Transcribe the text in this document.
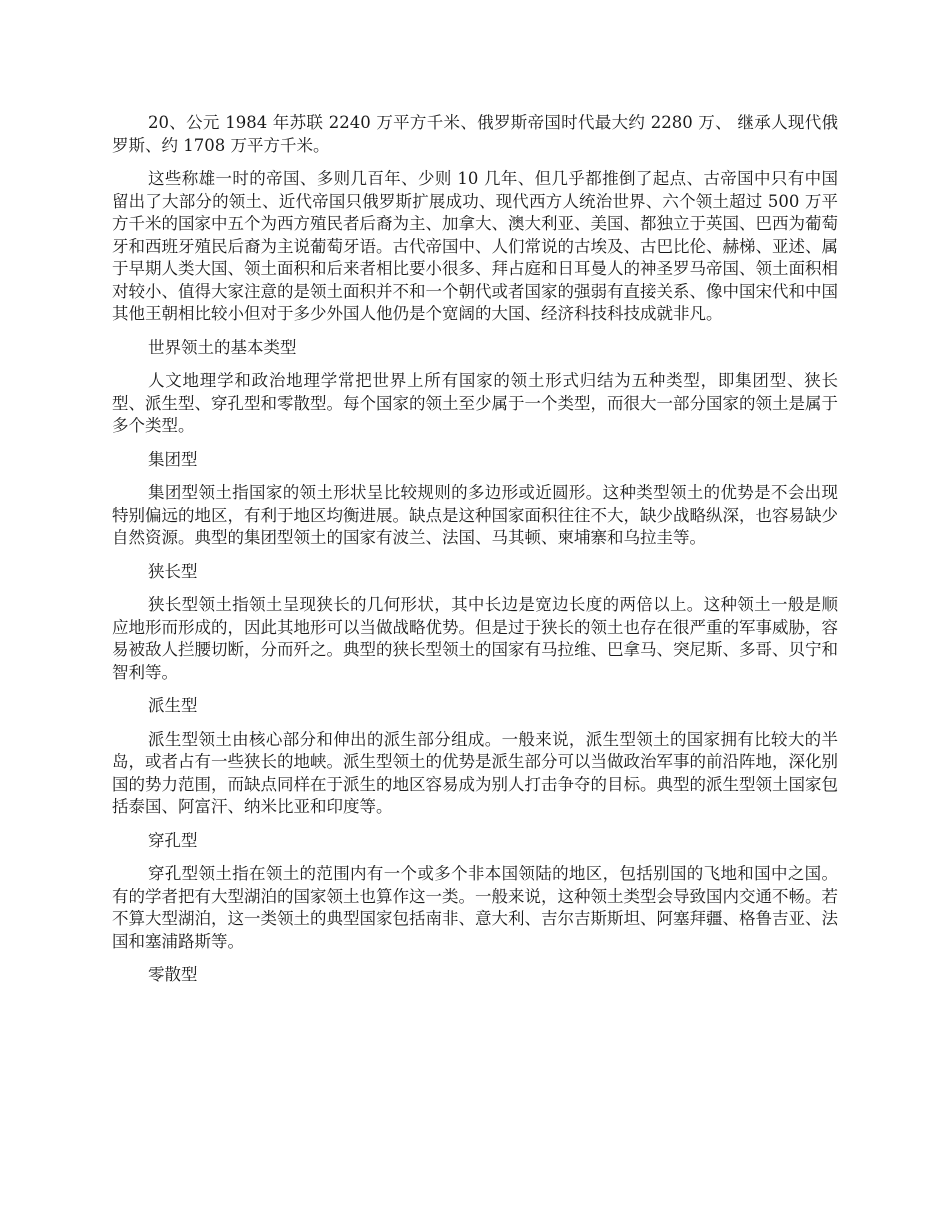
20、公元 1984 年苏联 2240 万平方千米、俄罗斯帝国时代最大约 2280 万、 继承人现代俄罗斯、约 1708 万平方千米。

这些称雄一时的帝国、多则几百年、少则 10 几年、但几乎都推倒了起点、古帝国中只有中国留出了大部分的领土、近代帝国只俄罗斯扩展成功、现代西方人统治世界、六个领土超过 500 万平方千米的国家中五个为西方殖民者后裔为主、加拿大、澳大利亚、美国、都独立于英国、巴西为葡萄牙和西班牙殖民后裔为主说葡萄牙语。古代帝国中、人们常说的古埃及、古巴比伦、赫梯、亚述、属于早期人类大国、领土面积和后来者相比要小很多、拜占庭和日耳曼人的神圣罗马帝国、领土面积相对较小、值得大家注意的是领土面积并不和一个朝代或者国家的强弱有直接关系、像中国宋代和中国其他王朝相比较小但对于多少外国人他仍是个宽阔的大国、经济科技科技成就非凡。

世界领土的基本类型

人文地理学和政治地理学常把世界上所有国家的领土形式归结为五种类型，即集团型、狭长型、派生型、穿孔型和零散型。每个国家的领土至少属于一个类型，而很大一部分国家的领土是属于多个类型。

集团型

集团型领土指国家的领土形状呈比较规则的多边形或近圆形。这种类型领土的优势是不会出现特别偏远的地区，有利于地区均衡进展。缺点是这种国家面积往往不大，缺少战略纵深，也容易缺少自然资源。典型的集团型领土的国家有波兰、法国、马其顿、柬埔寨和乌拉圭等。

狭长型

狭长型领土指领土呈现狭长的几何形状，其中长边是宽边长度的两倍以上。这种领土一般是顺应地形而形成的，因此其地形可以当做战略优势。但是过于狭长的领土也存在很严重的军事威胁，容易被敌人拦腰切断，分而歼之。典型的狭长型领土的国家有马拉维、巴拿马、突尼斯、多哥、贝宁和智利等。

派生型

派生型领土由核心部分和伸出的派生部分组成。一般来说，派生型领土的国家拥有比较大的半岛，或者占有一些狭长的地峡。派生型领土的优势是派生部分可以当做政治军事的前沿阵地，深化别国的势力范围，而缺点同样在于派生的地区容易成为别人打击争夺的目标。典型的派生型领土国家包括泰国、阿富汗、纳米比亚和印度等。

穿孔型

穿孔型领土指在领土的范围内有一个或多个非本国领陆的地区，包括别国的飞地和国中之国。有的学者把有大型湖泊的国家领土也算作这一类。一般来说，这种领土类型会导致国内交通不畅。若不算大型湖泊，这一类领土的典型国家包括南非、意大利、吉尔吉斯斯坦、阿塞拜疆、格鲁吉亚、法国和塞浦路斯等。

零散型
